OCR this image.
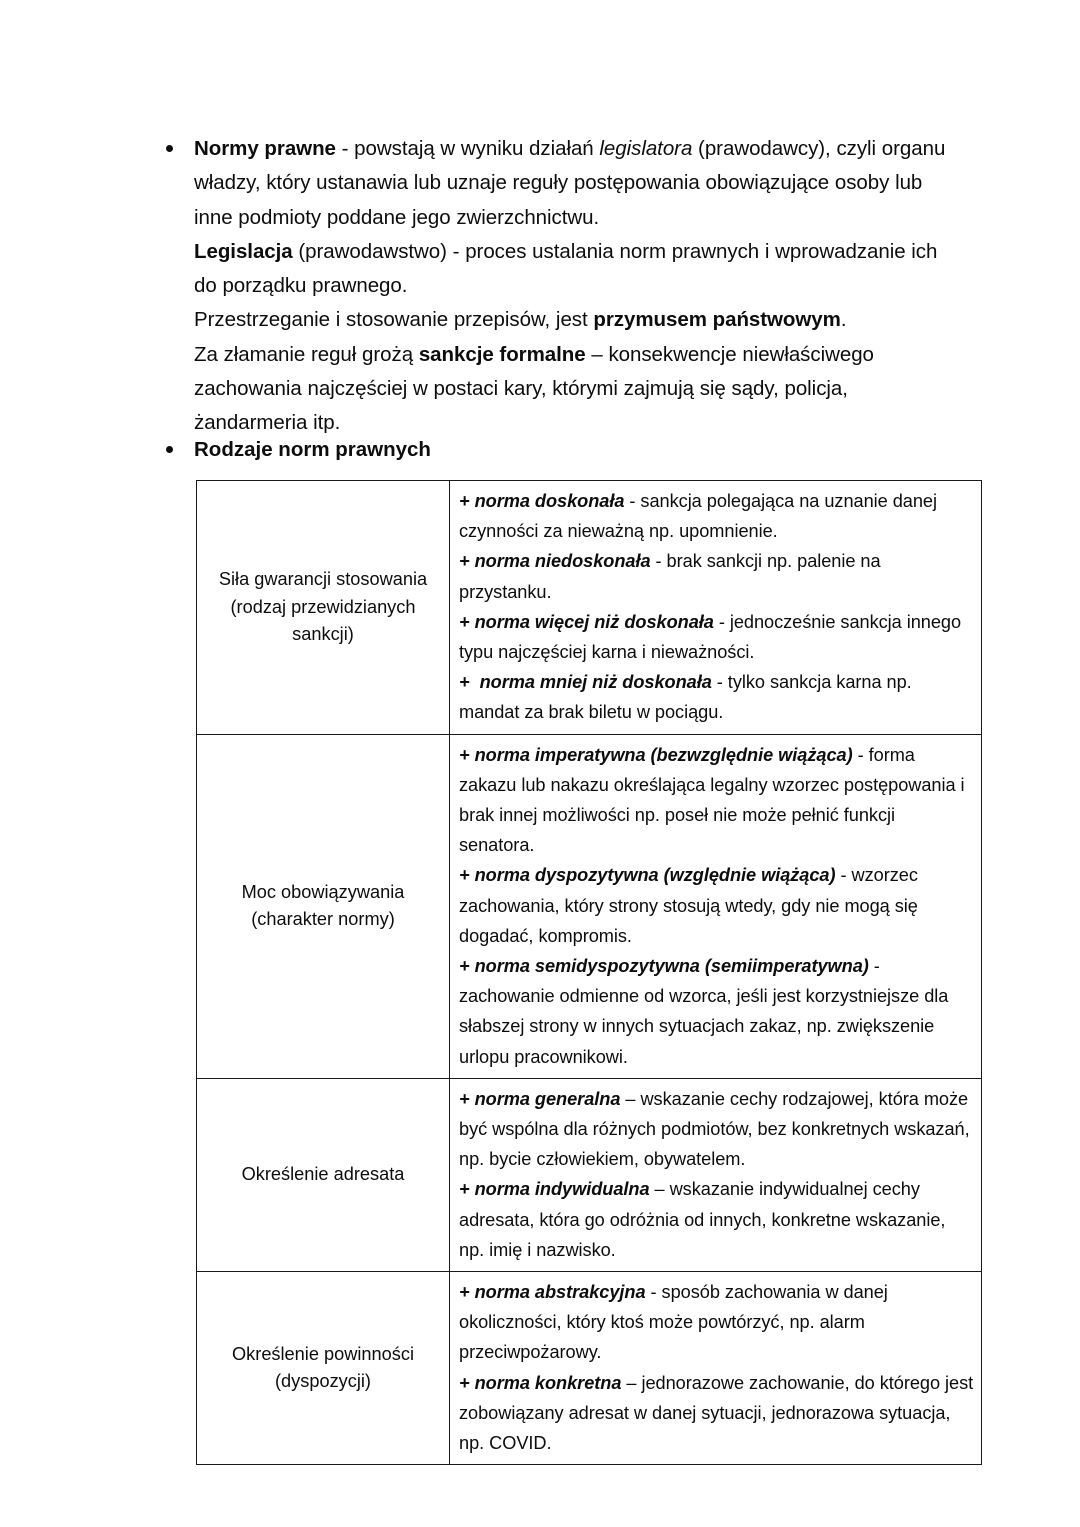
Normy prawne - powstają w wyniku działań legislatora (prawodawcy), czyli organu władzy, który ustanawia lub uznaje reguły postępowania obowiązujące osoby lub inne podmioty poddane jego zwierzchnictwu.
Legislacja (prawodawstwo) - proces ustalania norm prawnych i wprowadzanie ich do porządku prawnego.
Przestrzeganie i stosowanie przepisów, jest przymusem państwowym.
Za złamanie reguł grożą sankcje formalne – konsekwencje niewłaściwego zachowania najczęściej w postaci kary, którymi zajmują się sądy, policja, żandarmeria itp.
Rodzaje norm prawnych
Siła gwarancji stosowania (rodzaj przewidzianych sankcji)	+ norma doskonała - sankcja polegająca na uznanie danej czynności za nieważną np. upomnienie.
+ norma niedoskonała - brak sankcji np. palenie na przystanku.
+ norma więcej niż doskonała - jednocześnie sankcja innego typu najczęściej karna i nieważności.
+  norma mniej niż doskonała - tylko sankcja karna np. mandat za brak biletu w pociągu.

Moc obowiązywania (charakter normy)	+ norma imperatywna (bezwzględnie wiążąca) - forma zakazu lub nakazu określająca legalny wzorzec postępowania i brak innej możliwości np. poseł nie może pełnić funkcji senatora.
+ norma dyspozytywna (względnie wiążąca) - wzorzec zachowania, który strony stosują wtedy, gdy nie mogą się dogadać, kompromis.
+ norma semidyspozytywna (semiimperatywna) - zachowanie odmienne od wzorca, jeśli jest korzystniejsze dla słabszej strony w innych sytuacjach zakaz, np. zwiększenie urlopu pracownikowi.

Określenie adresata	+ norma generalna – wskazanie cechy rodzajowej, która może być wspólna dla różnych podmiotów, bez konkretnych wskazań, np. bycie człowiekiem, obywatelem.
+ norma indywidualna – wskazanie indywidualnej cechy adresata, która go odróżnia od innych, konkretne wskazanie, np. imię i nazwisko.

Określenie powinności (dyspozycji)	+ norma abstrakcyjna - sposób zachowania w danej okoliczności, który ktoś może powtórzyć, np. alarm przeciwpożarowy.
+ norma konkretna – jednorazowe zachowanie, do którego jest zobowiązany adresat w danej sytuacji, jednorazowa sytuacja, np. COVID.
